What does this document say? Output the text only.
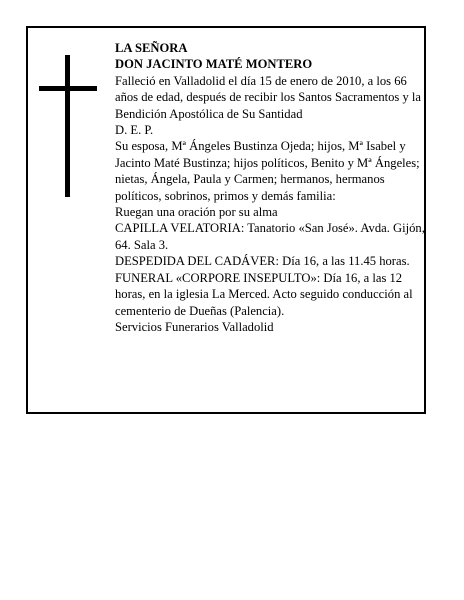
LA SEÑORA

DON JACINTO MATÉ MONTERO

Falleció en Valladolid el día 15 de enero de 2010, a los 66 años de edad, después de recibir los Santos Sacramentos y la Bendición Apostólica de Su Santidad

D. E. P.

Su esposa, Mª Ángeles Bustinza Ojeda; hijos, Mª Isabel y Jacinto Maté Bustinza; hijos políticos, Benito y Mª Ángeles; nietas, Ángela, Paula y Carmen; hermanos, hermanos políticos, sobrinos, primos y demás familia:

Ruegan una oración por su alma

CAPILLA VELATORIA: Tanatorio «San José». Avda. Gijón, 64. Sala 3.

DESPEDIDA DEL CADÁVER: Día 16, a las 11.45 horas.

FUNERAL «CORPORE INSEPULTO»: Día 16, a las 12 horas, en la iglesia La Merced. Acto seguido conducción al cementerio de Dueñas (Palencia).

Servicios Funerarios Valladolid
